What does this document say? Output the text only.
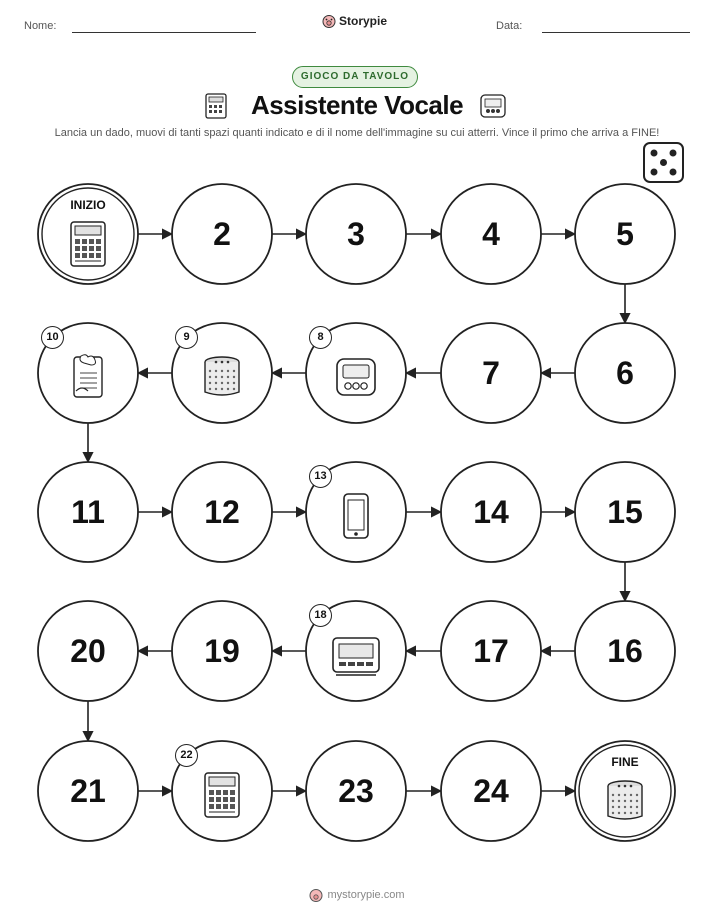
Nome:	Storypie	Data:
GIOCO DA TAVOLO
Assistente Vocale
Lancia un dado, muovi di tanti spazi quanti indicato e di il nome dell'immagine su cui atterri. Vince il primo che arriva a FINE!
INIZIO
2	3	4	5
6
7
8
9
10
11	12
13
14	15
16
17
18
19
20
21
22
23	24
FINE
mystorypie.com
